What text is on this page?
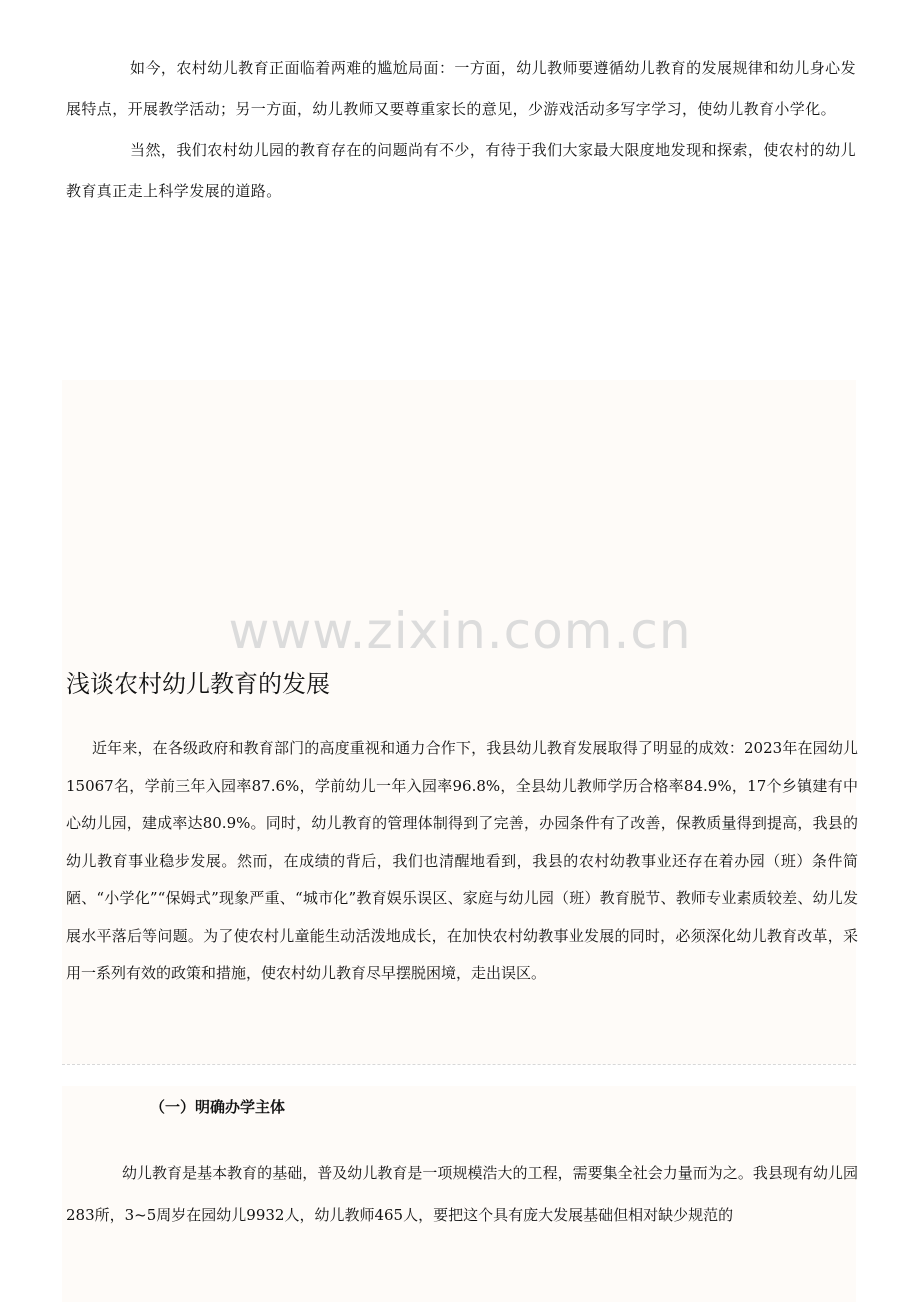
如今，农村幼儿教育正面临着两难的尴尬局面：一方面，幼儿教师要遵循幼儿教育的发展规律和幼儿身心发展特点，开展教学活动；另一方面，幼儿教师又要尊重家长的意见，少游戏活动多写字学习，使幼儿教育小学化。

当然，我们农村幼儿园的教育存在的问题尚有不少，有待于我们大家最大限度地发现和探索，使农村的幼儿教育真正走上科学发展的道路。

www.zixin.com.cn
浅谈农村幼儿教育的发展

近年来，在各级政府和教育部门的高度重视和通力合作下，我县幼儿教育发展取得了明显的成效：2023年在园幼儿15067名，学前三年入园率87.6%，学前幼儿一年入园率96.8%，全县幼儿教师学历合格率84.9%，17个乡镇建有中心幼儿园，建成率达80.9%。同时，幼儿教育的管理体制得到了完善，办园条件有了改善，保教质量得到提高，我县的幼儿教育事业稳步发展。然而，在成绩的背后，我们也清醒地看到，我县的农村幼教事业还存在着办园（班）条件简陋、“小学化”“保姆式”现象严重、“城市化”教育娱乐误区、家庭与幼儿园（班）教育脱节、教师专业素质较差、幼儿发展水平落后等问题。为了使农村儿童能生动活泼地成长，在加快农村幼教事业发展的同时，必须深化幼儿教育改革，采用一系列有效的政策和措施，使农村幼儿教育尽早摆脱困境，走出误区。

（一）明确办学主体

幼儿教育是基本教育的基础，普及幼儿教育是一项规模浩大的工程，需要集全社会力量而为之。我县现有幼儿园283所，3~5周岁在园幼儿9932人，幼儿教师465人，要把这个具有庞大发展基础但相对缺少规范的
